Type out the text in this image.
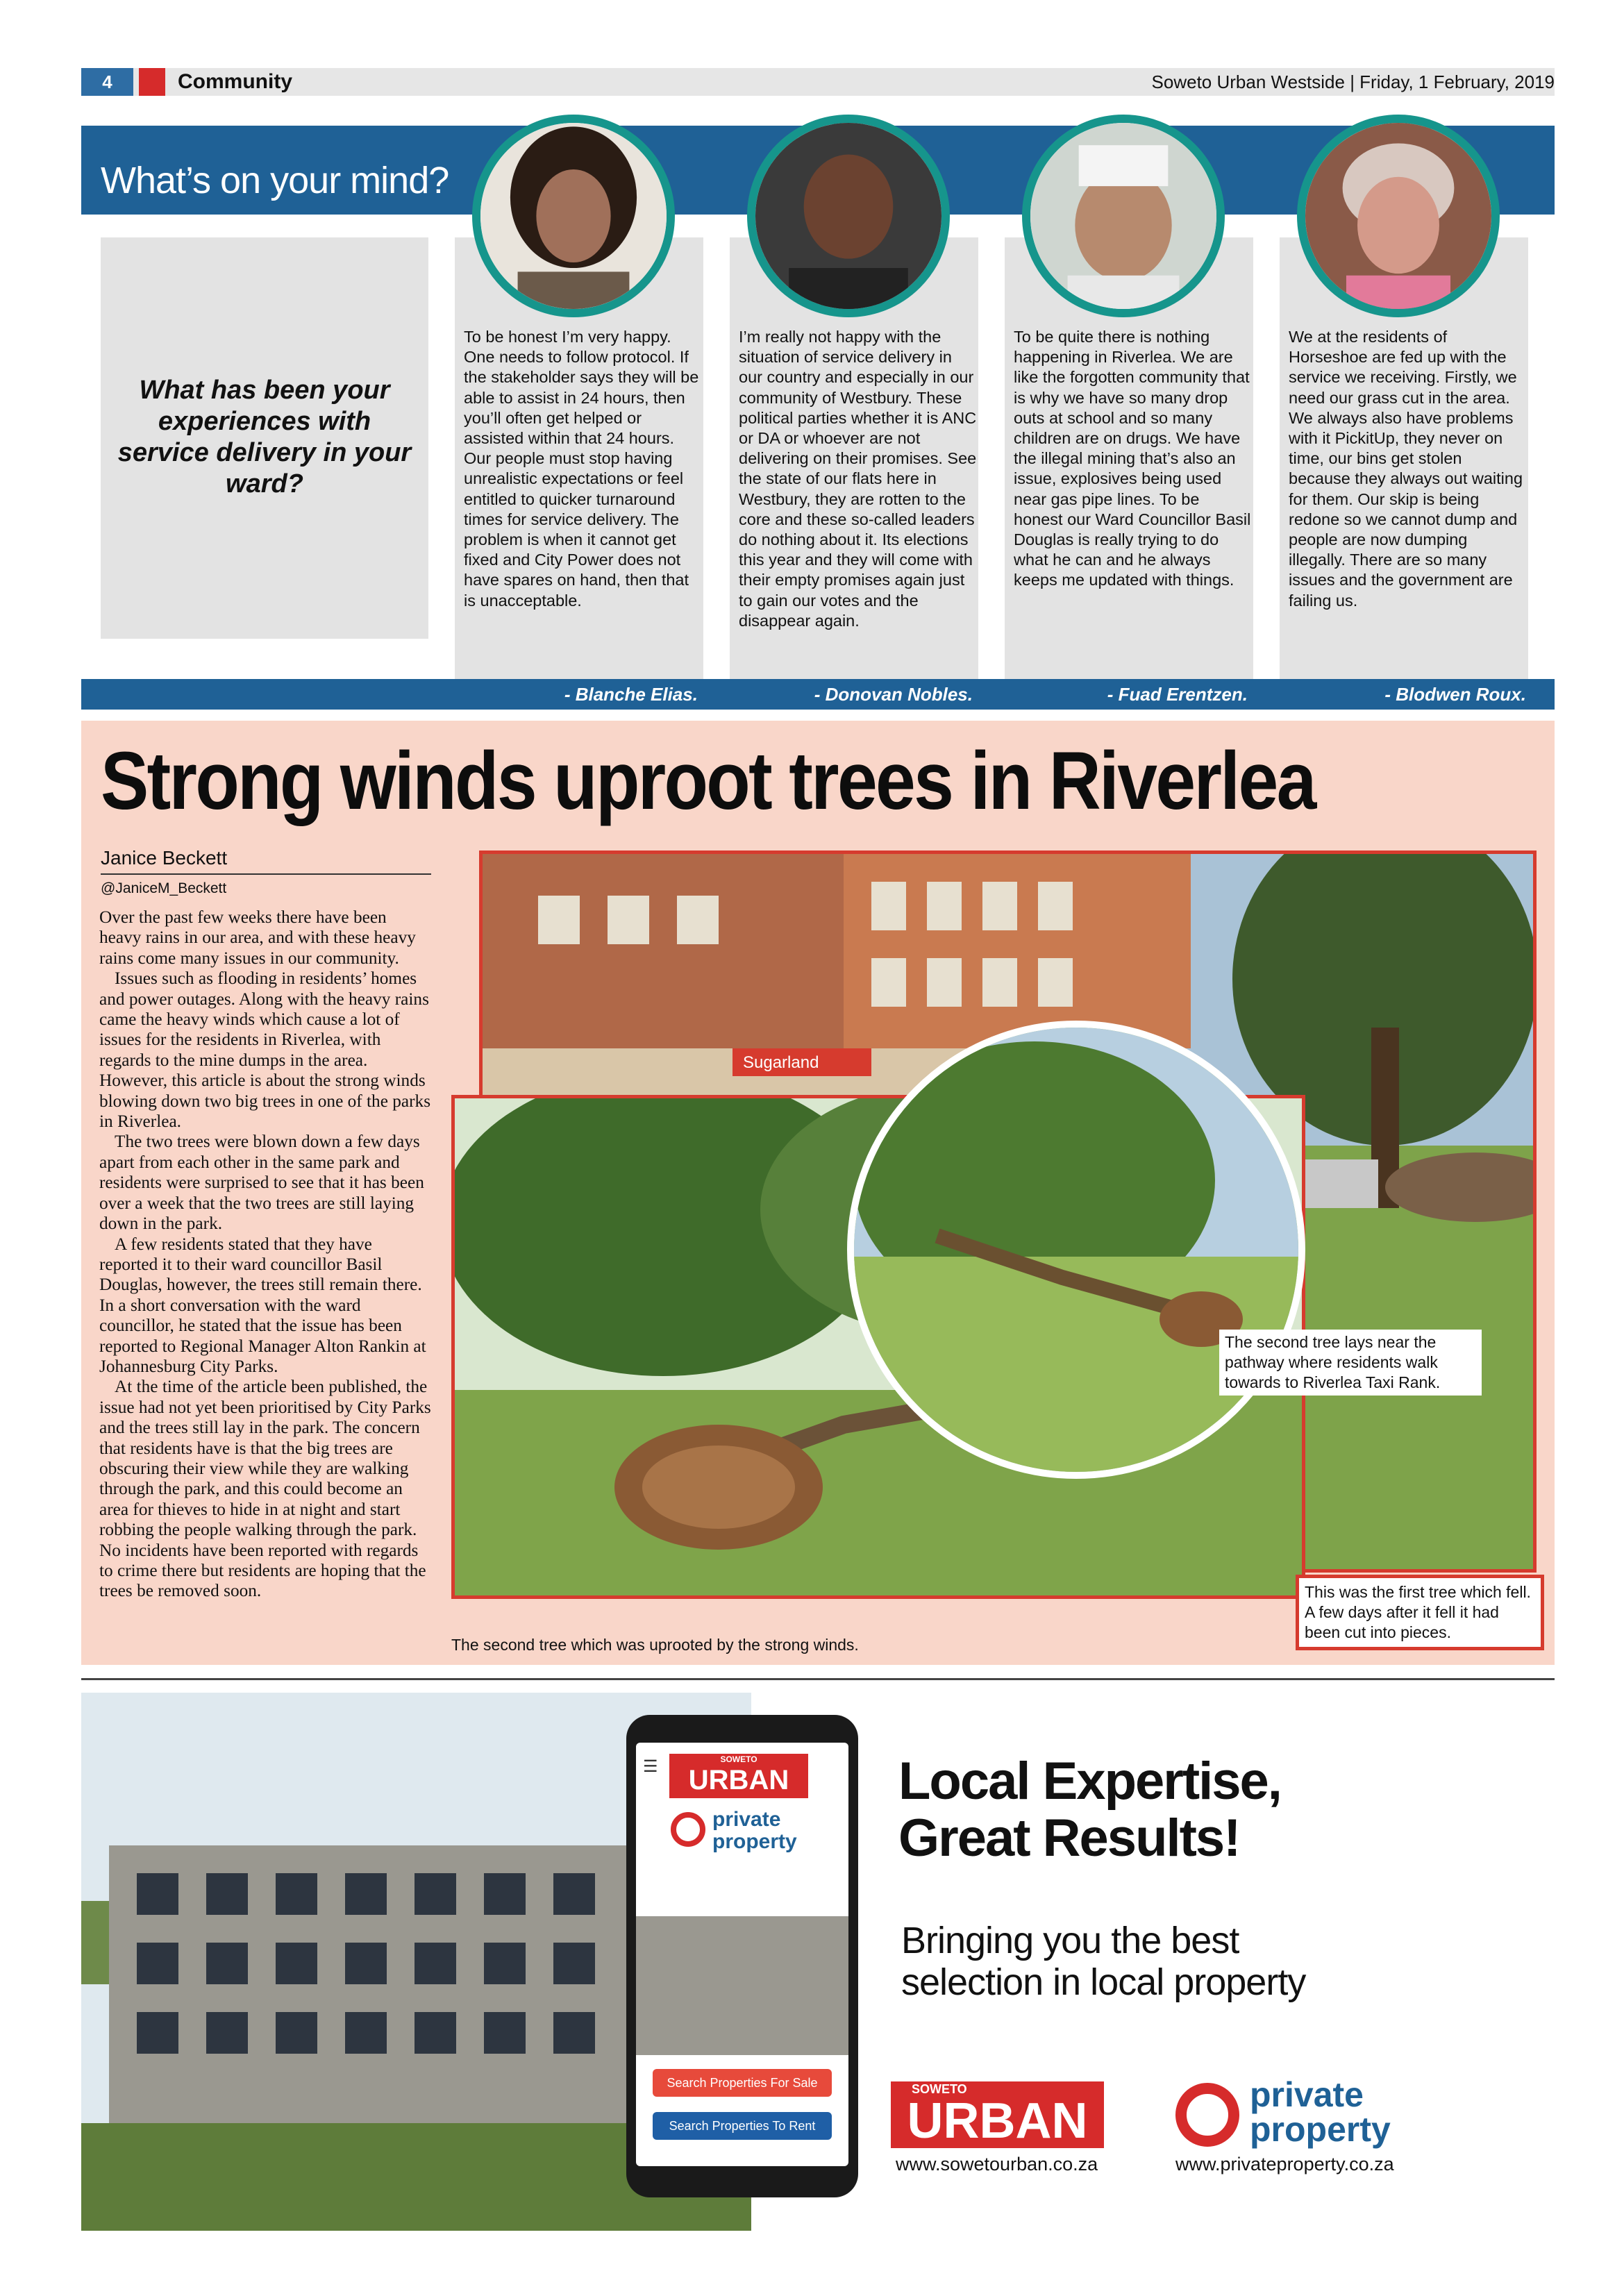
4	Community	Soweto Urban Westside | Friday, 1 February, 2019
What’s on your mind?
What has been your experiences with service delivery in your ward?
To be honest I’m very happy. One needs to follow protocol. If the stakeholder says they will be able to assist in 24 hours, then you’ll often get helped or assisted within that 24 hours. Our people must stop having unrealistic expectations or feel entitled to quicker turnaround times for service delivery. The problem is when it cannot get fixed and City Power does not have spares on hand, then that is unacceptable.
I’m really not happy with the situation of service delivery in our country and especially in our community of Westbury. These political parties whether it is ANC or DA or whoever are not delivering on their promises. See the state of our flats here in Westbury, they are rotten to the core and these so-called leaders do nothing about it. Its elections this year and they will come with their empty promises again just to gain our votes and the disappear again.
To be quite there is nothing happening in Riverlea. We are like the forgotten community that is why we have so many drop outs at school and so many children are on drugs. We have the illegal mining that’s also an issue, explosives being used near gas pipe lines. To be honest our Ward Councillor Basil Douglas is really trying to do what he can and he always keeps me updated with things.
We at the residents of Horseshoe are fed up with the service we receiving. Firstly, we need our grass cut in the area. We always also have problems with it PickitUp, they never on time, our bins get stolen because they always out waiting for them. Our skip is being redone so we cannot dump and people are now dumping illegally. There are so many issues and the government are failing us.
- Blanche Elias.	- Donovan Nobles.	- Fuad Erentzen.	- Blodwen Roux.
Strong winds uproot trees in Riverlea
Janice Beckett
@JaniceM_Beckett

Over the past few weeks there have been heavy rains in our area, and with these heavy rains come many issues in our community.

Issues such as flooding in residents’ homes and power outages. Along with the heavy rains came the heavy winds which cause a lot of issues for the residents in Riverlea, with regards to the mine dumps in the area. However, this article is about the strong winds blowing down two big trees in one of the parks in Riverlea.

The two trees were blown down a few days apart from each other in the same park and residents were surprised to see that it has been over a week that the two trees are still laying down in the park.

A few residents stated that they have reported it to their ward councillor Basil Douglas, however, the trees still remain there. In a short conversation with the ward councillor, he stated that the issue has been reported to Regional Manager Alton Rankin at Johannesburg City Parks.

At the time of the article been published, the issue had not yet been prioritised by City Parks and the trees still lay in the park. The concern that residents have is that the big trees are obscuring their view while they are walking through the park, and this could become an area for thieves to hide in at night and start robbing the people walking through the park. No incidents have been reported with regards to crime there but residents are hoping that the trees be removed soon.

Sugarland
The second tree lays near the pathway where residents walk towards to Riverlea Taxi Rank.
This was the first tree which fell. A few days after it fell it had been cut into pieces.
The second tree which was uprooted by the strong winds.
☰	SOWETO
URBAN
private
property
Search Properties For Sale
Search Properties To Rent
Local Expertise,
Great Results!
Bringing you the best
selection in local property
SOWETO
URBAN
www.sowetourban.co.za
private
property
www.privateproperty.co.za
